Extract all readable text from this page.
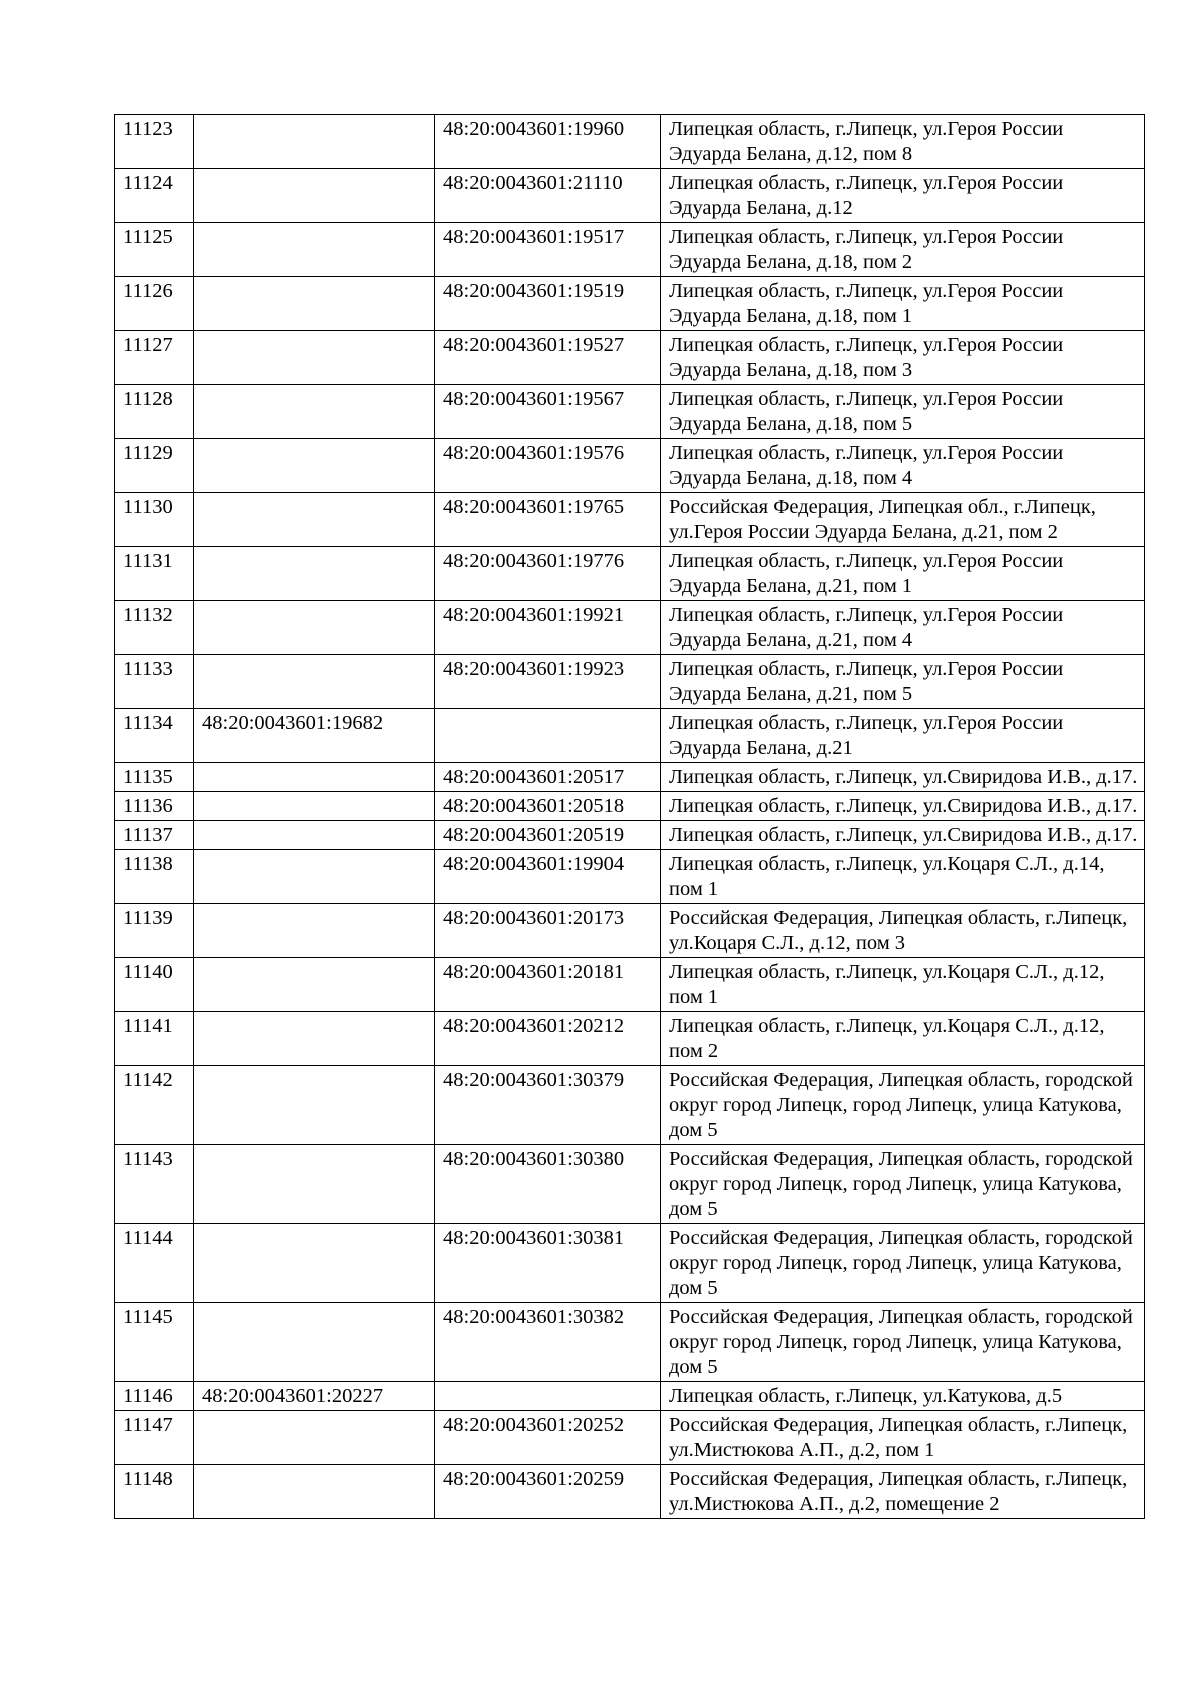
11123		48:20:0043601:19960	Липецкая область, г.Липецк, ул.Героя России Эдуарда Белана, д.12, пом 8
11124		48:20:0043601:21110	Липецкая область, г.Липецк, ул.Героя России Эдуарда Белана, д.12
11125		48:20:0043601:19517	Липецкая область, г.Липецк, ул.Героя России Эдуарда Белана, д.18, пом 2
11126		48:20:0043601:19519	Липецкая область, г.Липецк, ул.Героя России Эдуарда Белана, д.18, пом 1
11127		48:20:0043601:19527	Липецкая область, г.Липецк, ул.Героя России Эдуарда Белана, д.18, пом 3
11128		48:20:0043601:19567	Липецкая область, г.Липецк, ул.Героя России Эдуарда Белана, д.18, пом 5
11129		48:20:0043601:19576	Липецкая область, г.Липецк, ул.Героя России Эдуарда Белана, д.18, пом 4
11130		48:20:0043601:19765	Российская Федерация, Липецкая обл., г.Липецк, ул.Героя России Эдуарда Белана, д.21, пом 2
11131		48:20:0043601:19776	Липецкая область, г.Липецк, ул.Героя России Эдуарда Белана, д.21, пом 1
11132		48:20:0043601:19921	Липецкая область, г.Липецк, ул.Героя России Эдуарда Белана, д.21, пом 4
11133		48:20:0043601:19923	Липецкая область, г.Липецк, ул.Героя России Эдуарда Белана, д.21, пом 5
11134	48:20:0043601:19682		Липецкая область, г.Липецк, ул.Героя России Эдуарда Белана, д.21
11135		48:20:0043601:20517	Липецкая область, г.Липецк, ул.Свиридова И.В., д.17.
11136		48:20:0043601:20518	Липецкая область, г.Липецк, ул.Свиридова И.В., д.17.
11137		48:20:0043601:20519	Липецкая область, г.Липецк, ул.Свиридова И.В., д.17.
11138		48:20:0043601:19904	Липецкая область, г.Липецк, ул.Коцаря С.Л., д.14, пом 1
11139		48:20:0043601:20173	Российская Федерация, Липецкая область, г.Липецк, ул.Коцаря С.Л., д.12, пом 3
11140		48:20:0043601:20181	Липецкая область, г.Липецк, ул.Коцаря С.Л., д.12, пом 1
11141		48:20:0043601:20212	Липецкая область, г.Липецк, ул.Коцаря С.Л., д.12, пом 2
11142		48:20:0043601:30379	Российская Федерация, Липецкая область, городской округ город Липецк, город Липецк, улица Катукова, дом 5
11143		48:20:0043601:30380	Российская Федерация, Липецкая область, городской округ город Липецк, город Липецк, улица Катукова, дом 5
11144		48:20:0043601:30381	Российская Федерация, Липецкая область, городской округ город Липецк, город Липецк, улица Катукова, дом 5
11145		48:20:0043601:30382	Российская Федерация, Липецкая область, городской округ город Липецк, город Липецк, улица Катукова, дом 5
11146	48:20:0043601:20227		Липецкая область, г.Липецк, ул.Катукова, д.5
11147		48:20:0043601:20252	Российская Федерация, Липецкая область, г.Липецк, ул.Мистюкова А.П., д.2, пом 1
11148		48:20:0043601:20259	Российская Федерация, Липецкая область, г.Липецк, ул.Мистюкова А.П., д.2, помещение 2
